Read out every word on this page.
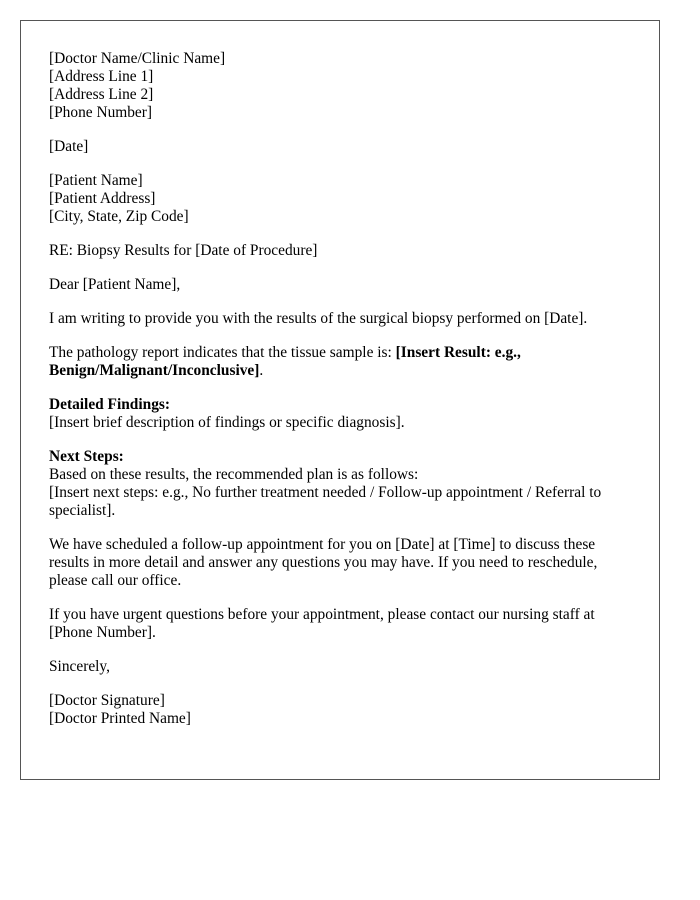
[Doctor Name/Clinic Name]
[Address Line 1]
[Address Line 2]
[Phone Number]
[Date]
[Patient Name]
[Patient Address]
[City, State, Zip Code]
RE: Biopsy Results for [Date of Procedure]
Dear [Patient Name],
I am writing to provide you with the results of the surgical biopsy performed on [Date].
The pathology report indicates that the tissue sample is: [Insert Result: e.g., Benign/Malignant/Inconclusive].
Detailed Findings:
[Insert brief description of findings or specific diagnosis].
Next Steps:
Based on these results, the recommended plan is as follows:
[Insert next steps: e.g., No further treatment needed / Follow-up appointment / Referral to specialist].
We have scheduled a follow-up appointment for you on [Date] at [Time] to discuss these results in more detail and answer any questions you may have. If you need to reschedule, please call our office.
If you have urgent questions before your appointment, please contact our nursing staff at [Phone Number].
Sincerely,
[Doctor Signature]
[Doctor Printed Name]
